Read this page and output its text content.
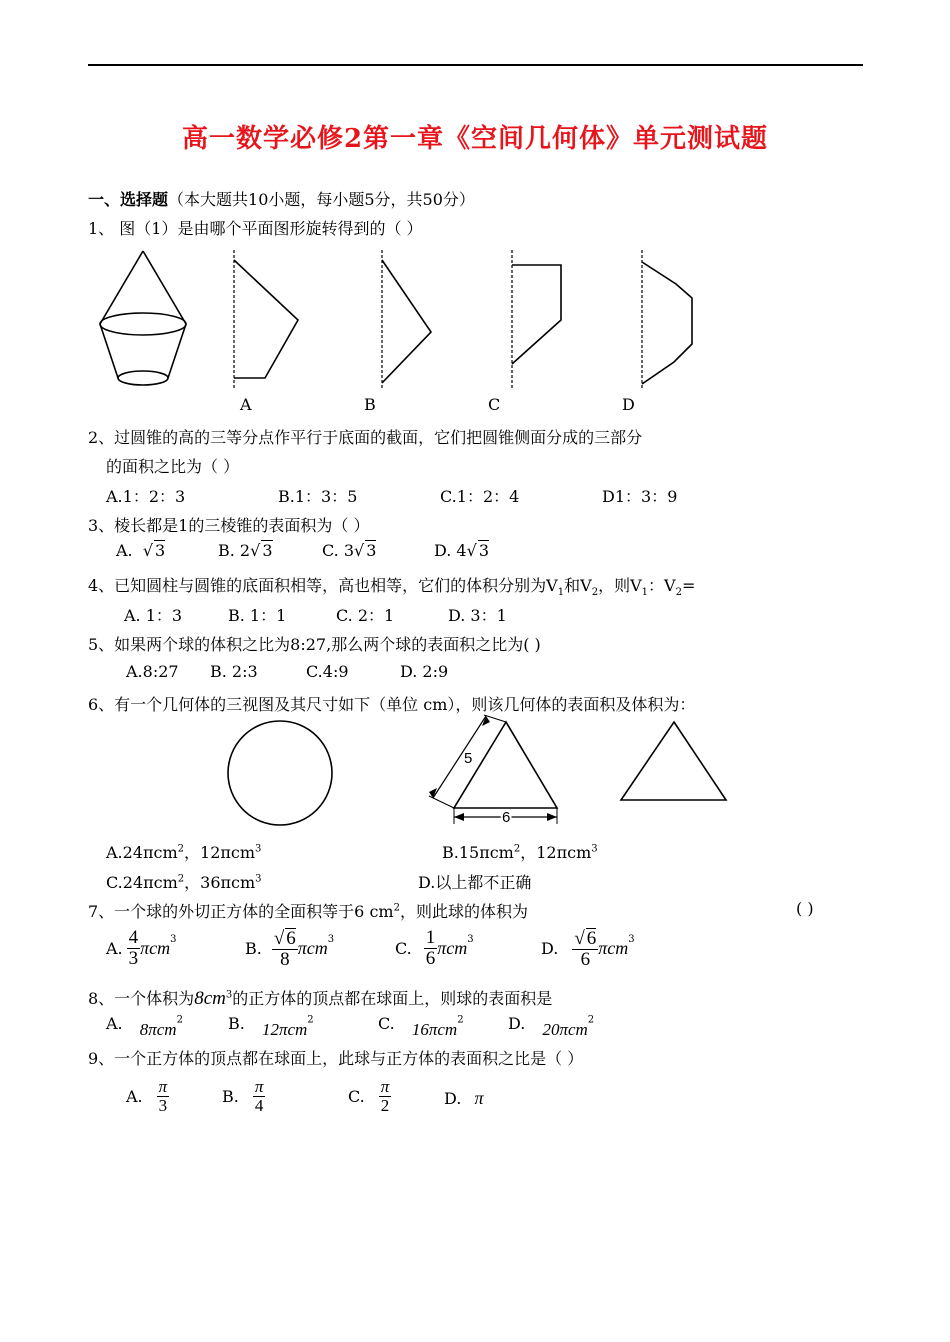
高一数学必修2第一章《空间几何体》单元测试题
一、选择题（本大题共10小题，每小题5分，共50分）
1、 图（1）是由哪个平面图形旋转得到的（ ）
A	B	C	D
2、过圆锥的高的三等分点作平行于底面的截面，它们把圆锥侧面分成的三部分
的面积之比为（ ）
A.1：2：3	B.1：3：5	C.1：2：4	D1：3：9
3、棱长都是1的三棱锥的表面积为（ ）
A.  √ 3	B. 2√ 3	C. 3√ 3	D. 4√ 3
4、已知圆柱与圆锥的底面积相等，高也相等，它们的体积分别为$V_1$和$V_2$，则$V_1$：$V_2=$
A. 1：3	B. 1：1	C. 2：1	D. 3：1
5、如果两个球的体积之比为8:27,那么两个球的表面积之比为( )
A.8:27 B. 2:3	C.4:9	D. 2:9
6、有一个几何体的三视图及其尺寸如下（单位 cm），则该几何体的表面积及体积为：
5
6
A.24πcm$^2$，12πcm$^3$	B.15πcm$^2$，12πcm$^3$
C.24πcm$^2$，36πcm$^3$	D.以上都不正确
7、一个球的外切正方体的全面积等于6 $cm^2$，则此球的体积为	( )
A. $\frac{4}{3} \pi cm^3$	B. $\frac{√ 6}{8} \pi cm^3$	C. $\frac{1}{6} \pi cm^3$	D. $\frac{√ 6}{6} \pi cm^3$
8、一个体积为$8cm^3$的正方体的顶点都在球面上，则球的表面积是
A. 8πcm$^2$	B. 12πcm$^2$	C. 16πcm$^2$	D. 20πcm$^2$
9、一个正方体的顶点都在球面上，此球与正方体的表面积之比是（ ）
A. $\frac{\pi}{3}$	B. $\frac{\pi}{4}$	C. $\frac{\pi}{2}$	D. π
